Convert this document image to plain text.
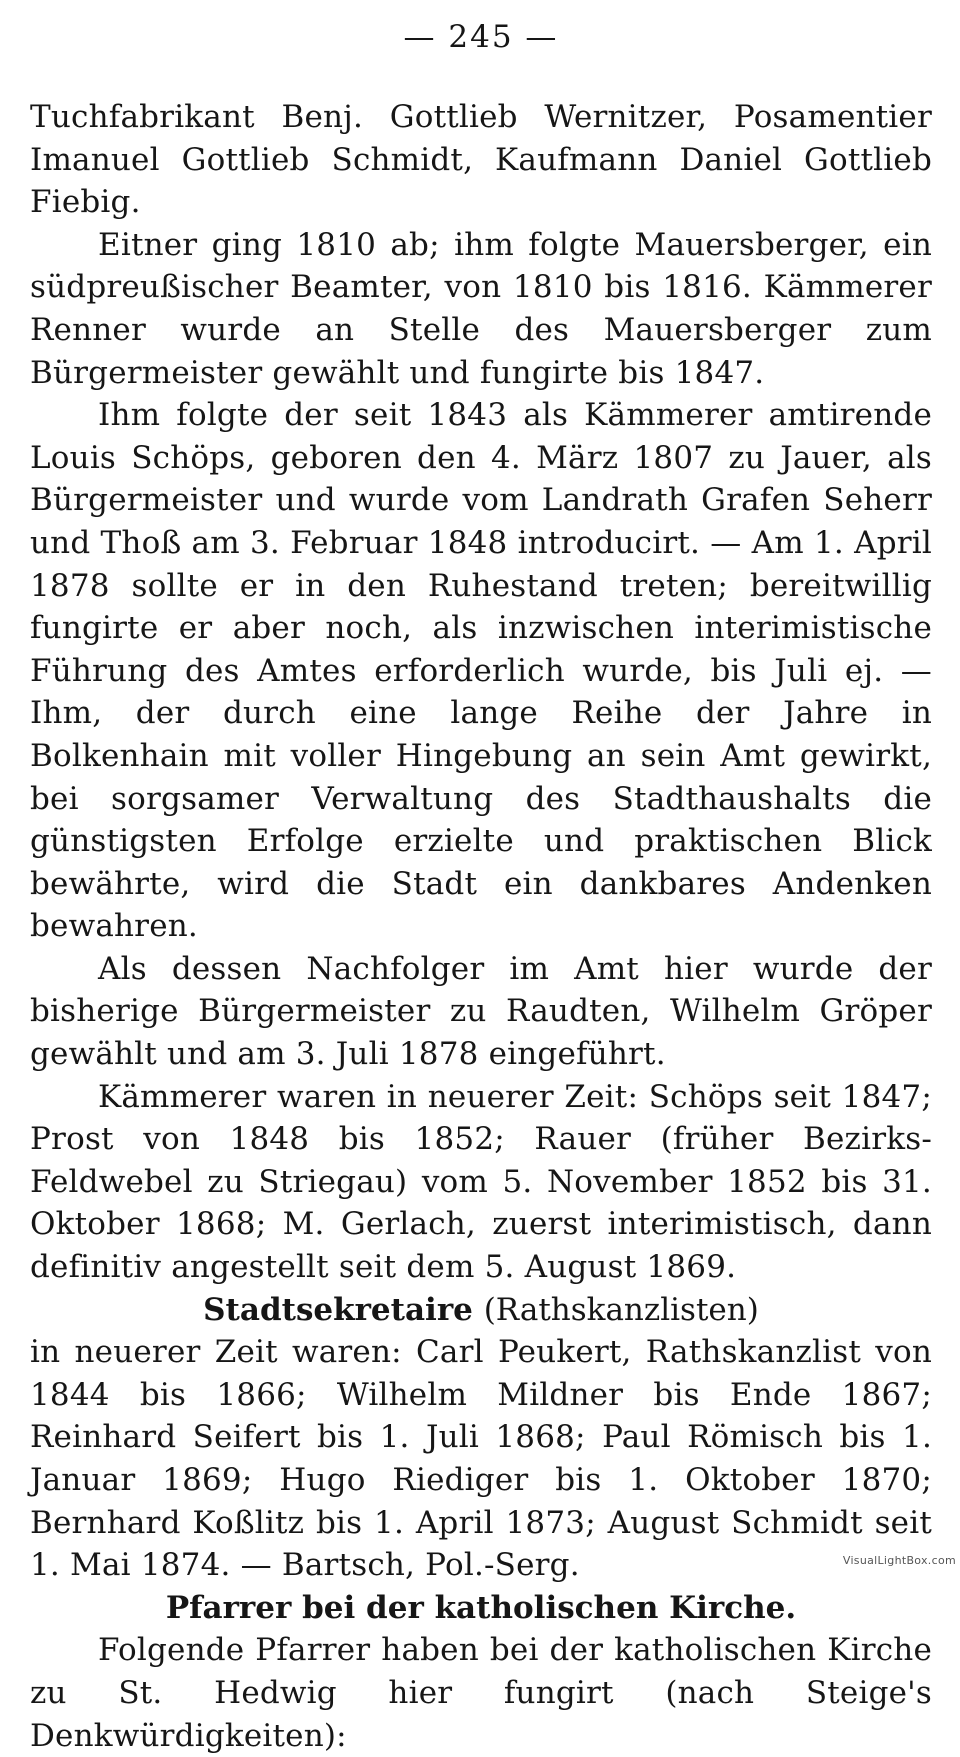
— 245 —

Tuchfabrikant Benj. Gottlieb Wernitzer, Posamentier Imanuel Gottlieb Schmidt, Kaufmann Daniel Gottlieb Fiebig.

Eitner ging 1810 ab; ihm folgte Mauersberger, ein südpreußischer Beamter, von 1810 bis 1816. Kämmerer Renner wurde an Stelle des Mauersberger zum Bürgermeister gewählt und fungirte bis 1847.

Ihm folgte der seit 1843 als Kämmerer amtirende Louis Schöps, geboren den 4. März 1807 zu Jauer, als Bürgermeister und wurde vom Landrath Grafen Seherr und Thoß am 3. Februar 1848 introducirt. — Am 1. April 1878 sollte er in den Ruhestand treten; bereitwillig fungirte er aber noch, als inzwischen interimistische Führung des Amtes erforderlich wurde, bis Juli ej. — Ihm, der durch eine lange Reihe der Jahre in Bolkenhain mit voller Hingebung an sein Amt gewirkt, bei sorgsamer Verwaltung des Stadthaushalts die günstigsten Erfolge erzielte und praktischen Blick bewährte, wird die Stadt ein dankbares Andenken bewahren.

Als dessen Nachfolger im Amt hier wurde der bisherige Bürgermeister zu Raudten, Wilhelm Gröper gewählt und am 3. Juli 1878 eingeführt.

Kämmerer waren in neuerer Zeit: Schöps seit 1847; Prost von 1848 bis 1852; Rauer (früher Bezirks-Feldwebel zu Striegau) vom 5. November 1852 bis 31. Oktober 1868; M. Gerlach, zuerst interimistisch, dann definitiv angestellt seit dem 5. August 1869.

Stadtsekretaire (Rathskanzlisten)

in neuerer Zeit waren: Carl Peukert, Rathskanzlist von 1844 bis 1866; Wilhelm Mildner bis Ende 1867; Reinhard Seifert bis 1. Juli 1868; Paul Römisch bis 1. Januar 1869; Hugo Riediger bis 1. Oktober 1870; Bernhard Koßlitz bis 1. April 1873; August Schmidt seit 1. Mai 1874. — Bartsch, Pol.-Serg.

Pfarrer bei der katholischen Kirche.

Folgende Pfarrer haben bei der katholischen Kirche zu St. Hedwig hier fungirt (nach Steige's Denkwürdigkeiten):

VisualLightBox.com
